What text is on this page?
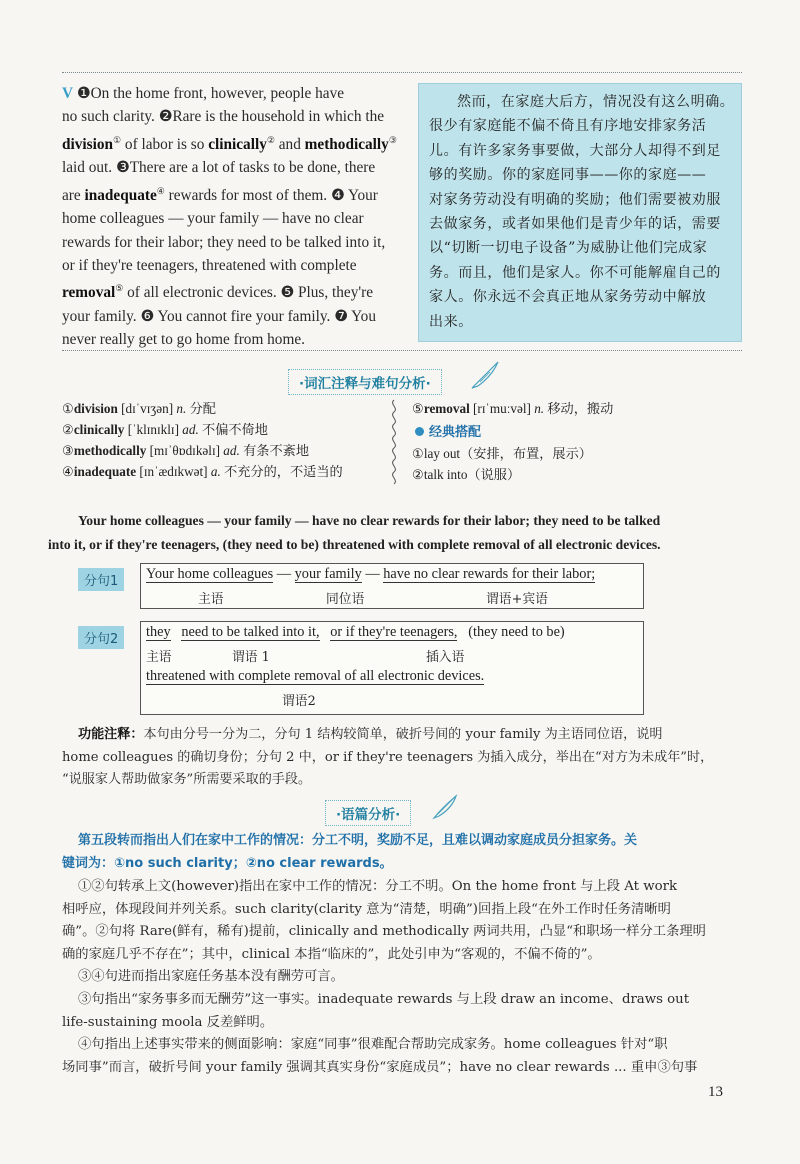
V ❶On the home front, however, people have
no such clarity. ❷Rare is the household in which the
division① of labor is so clinically② and methodically③
laid out. ❸There are a lot of tasks to be done, there
are inadequate④ rewards for most of them. ❹ Your
home colleagues — your family — have no clear
rewards for their labor; they need to be talked into it,
or if they're teenagers, threatened with complete
removal⑤ of all electronic devices. ❺ Plus, they're
your family. ❻ You cannot fire your family. ❼ You
never really get to go home from home.
然而，在家庭大后方，情况没有这么明确。
很少有家庭能不偏不倚且有序地安排家务活
儿。有许多家务事要做，大部分人却得不到足
够的奖励。你的家庭同事——你的家庭——
对家务劳动没有明确的奖励；他们需要被劝服
去做家务，或者如果他们是青少年的话，需要
以“切断一切电子设备”为威胁让他们完成家
务。而且，他们是家人。你不可能解雇自己的
家人。你永远不会真正地从家务劳动中解放
出来。
·词汇注释与难句分析·
①division [dɪˈvɪʒən] n. 分配
②clinically [ˈklɪnɪklɪ] ad. 不偏不倚地
③methodically [mɪˈθɒdɪkəlɪ] ad. 有条不紊地
④inadequate [ɪnˈædɪkwət] a. 不充分的，不适当的
⑤removal [rɪˈmuːvəl] n. 移动，搬动
经典搭配
①lay out（安排，布置，展示）
②talk into（说服）
Your home colleagues — your family — have no clear rewards for their labor; they need to be talked
into it, or if they're teenagers, (they need to be) threatened with complete removal of all electronic devices.
分句1	Your home colleagues — your family — have no clear rewards for their labor;
主语	同位语	谓语+宾语
分句2	they need to be talked into it, or if they're teenagers, (they need to be)
主语	谓语 1	插入语
threatened with complete removal of all electronic devices.
谓语2
功能注释：本句由分号一分为二，分句 1 结构较简单，破折号间的 your family 为主语同位语，说明
home colleagues 的确切身份；分句 2 中，or if they're teenagers 为插入成分，举出在“对方为未成年”时，
“说服家人帮助做家务”所需要采取的手段。
·语篇分析·
第五段转而指出人们在家中工作的情况：分工不明，奖励不足，且难以调动家庭成员分担家务。关
键词为：①no such clarity；②no clear rewards。
①②句转承上文(however)指出在家中工作的情况：分工不明。On the home front 与上段 At work
相呼应，体现段间并列关系。such clarity(clarity 意为“清楚，明确”)回指上段“在外工作时任务清晰明
确”。②句将 Rare(鲜有，稀有)提前，clinically and methodically 两词共用，凸显“和职场一样分工条理明
确的家庭几乎不存在”；其中，clinical 本指“临床的”，此处引申为“客观的，不偏不倚的”。
③④句进而指出家庭任务基本没有酬劳可言。
③句指出“家务事多而无酬劳”这一事实。inadequate rewards 与上段 draw an income、draws out
life-sustaining moola 反差鲜明。
④句指出上述事实带来的侧面影响：家庭“同事”很难配合帮助完成家务。home colleagues 针对“职
场同事”而言，破折号间 your family 强调其真实身份“家庭成员”；have no clear rewards ... 重申③句事
13
